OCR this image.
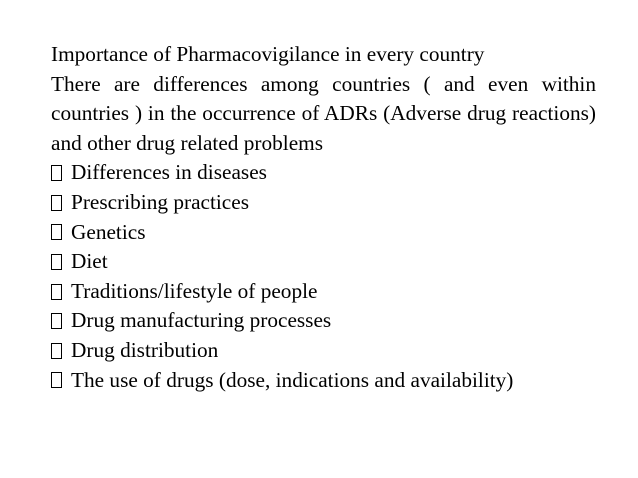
Importance of Pharmacovigilance in every country

There are differences among countries ( and even within countries ) in the occurrence of ADRs (Adverse drug reactions) and other drug related problems

Differences in diseases
Prescribing practices
Genetics
Diet
Traditions/lifestyle of people
Drug manufacturing processes
Drug distribution
The use of drugs (dose, indications and availability)
